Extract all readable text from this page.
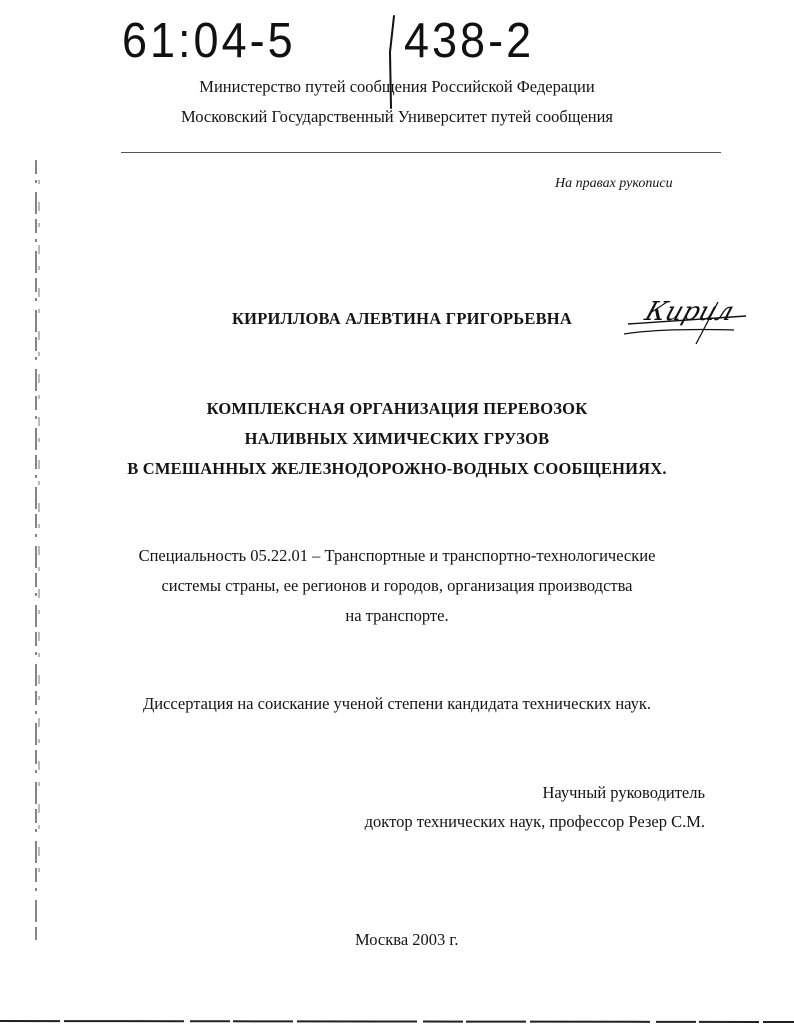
61:04-5 438-2
Министерство путей сообщения Российской Федерации
Московский Государственный Университет путей сообщения
На правах рукописи
КИРИЛЛОВА АЛЕВТИНА ГРИГОРЬЕВНА	Кирил
КОМПЛЕКСНАЯ ОРГАНИЗАЦИЯ ПЕРЕВОЗОК
НАЛИВНЫХ ХИМИЧЕСКИХ ГРУЗОВ
В СМЕШАННЫХ ЖЕЛЕЗНОДОРОЖНО-ВОДНЫХ СООБЩЕНИЯХ.
Специальность 05.22.01 – Транспортные и транспортно-технологические
системы страны, ее регионов и городов, организация производства
на транспорте.
Диссертация на соискание ученой степени кандидата технических наук.
Научный руководитель
доктор технических наук, профессор Резер С.М.
Москва 2003 г.
